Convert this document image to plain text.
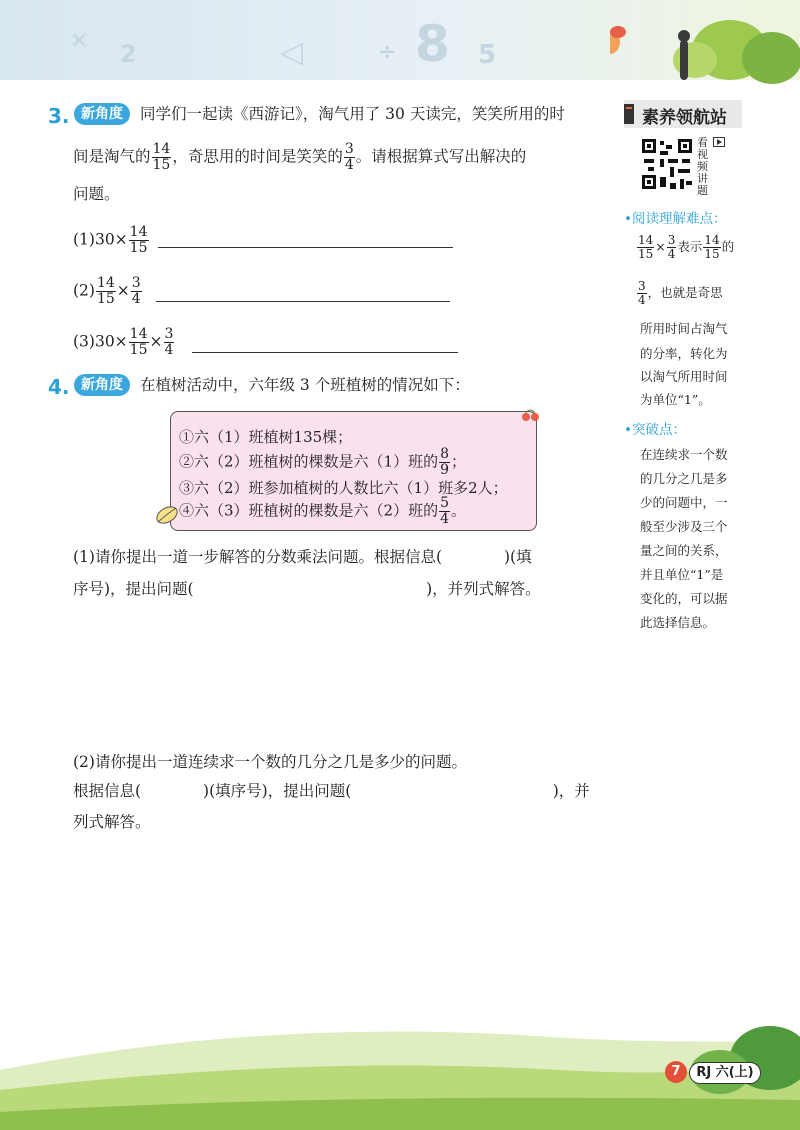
× 2	◁	÷ 8 5
3. 新角度	同学们一起读《西游记》，淘气用了 30 天读完，笑笑所用的时
间是淘气的 $\frac{14}{15}$ ，奇思用的时间是笑笑的 $\frac{3}{4}$ 。请根据算式写出解决的
问题。
$(1)30\times \frac{14}{15}$
$(2) \frac{14}{15} \times \frac{3}{4}$
$(3)30\times \frac{14}{15} \times \frac{3}{4}$
4. 新角度	在植树活动中，六年级 3 个班植树的情况如下：
①六（1）班植树135棵；
②六（2）班植树的棵数是六（1）班的 $\frac{8}{9}$ ；
③六（2）班参加植树的人数比六（1）班多2人；
④六（3）班植树的棵数是六（2）班的 $\frac{5}{4}$ 。
(1)请你提出一道一步解答的分数乘法问题。根据信息(　　　　)(填
序号)，提出问题(　　　　　　　　　　　　　　　)，并列式解答。
(2)请你提出一道连续求一个数的几分之几是多少的问题。
根据信息(　　　　)(填序号)，提出问题(　　　　　　　　　　　　　)，并
列式解答。
素养领航站
看视频讲题
•阅读理解难点：
$\frac{14}{15} \times \frac{3}{4}$ 表示 $\frac{14}{15}$ 的
$\frac{3}{4}$ ，也就是奇思
所用时间占淘气
的分率，转化为
以淘气所用时间
为单位“1”。
•突破点：
在连续求一个数
的几分之几是多
少的问题中，一
般至少涉及三个
量之间的关系，
并且单位“1”是
变化的，可以据
此选择信息。
7	RJ 六(上)
